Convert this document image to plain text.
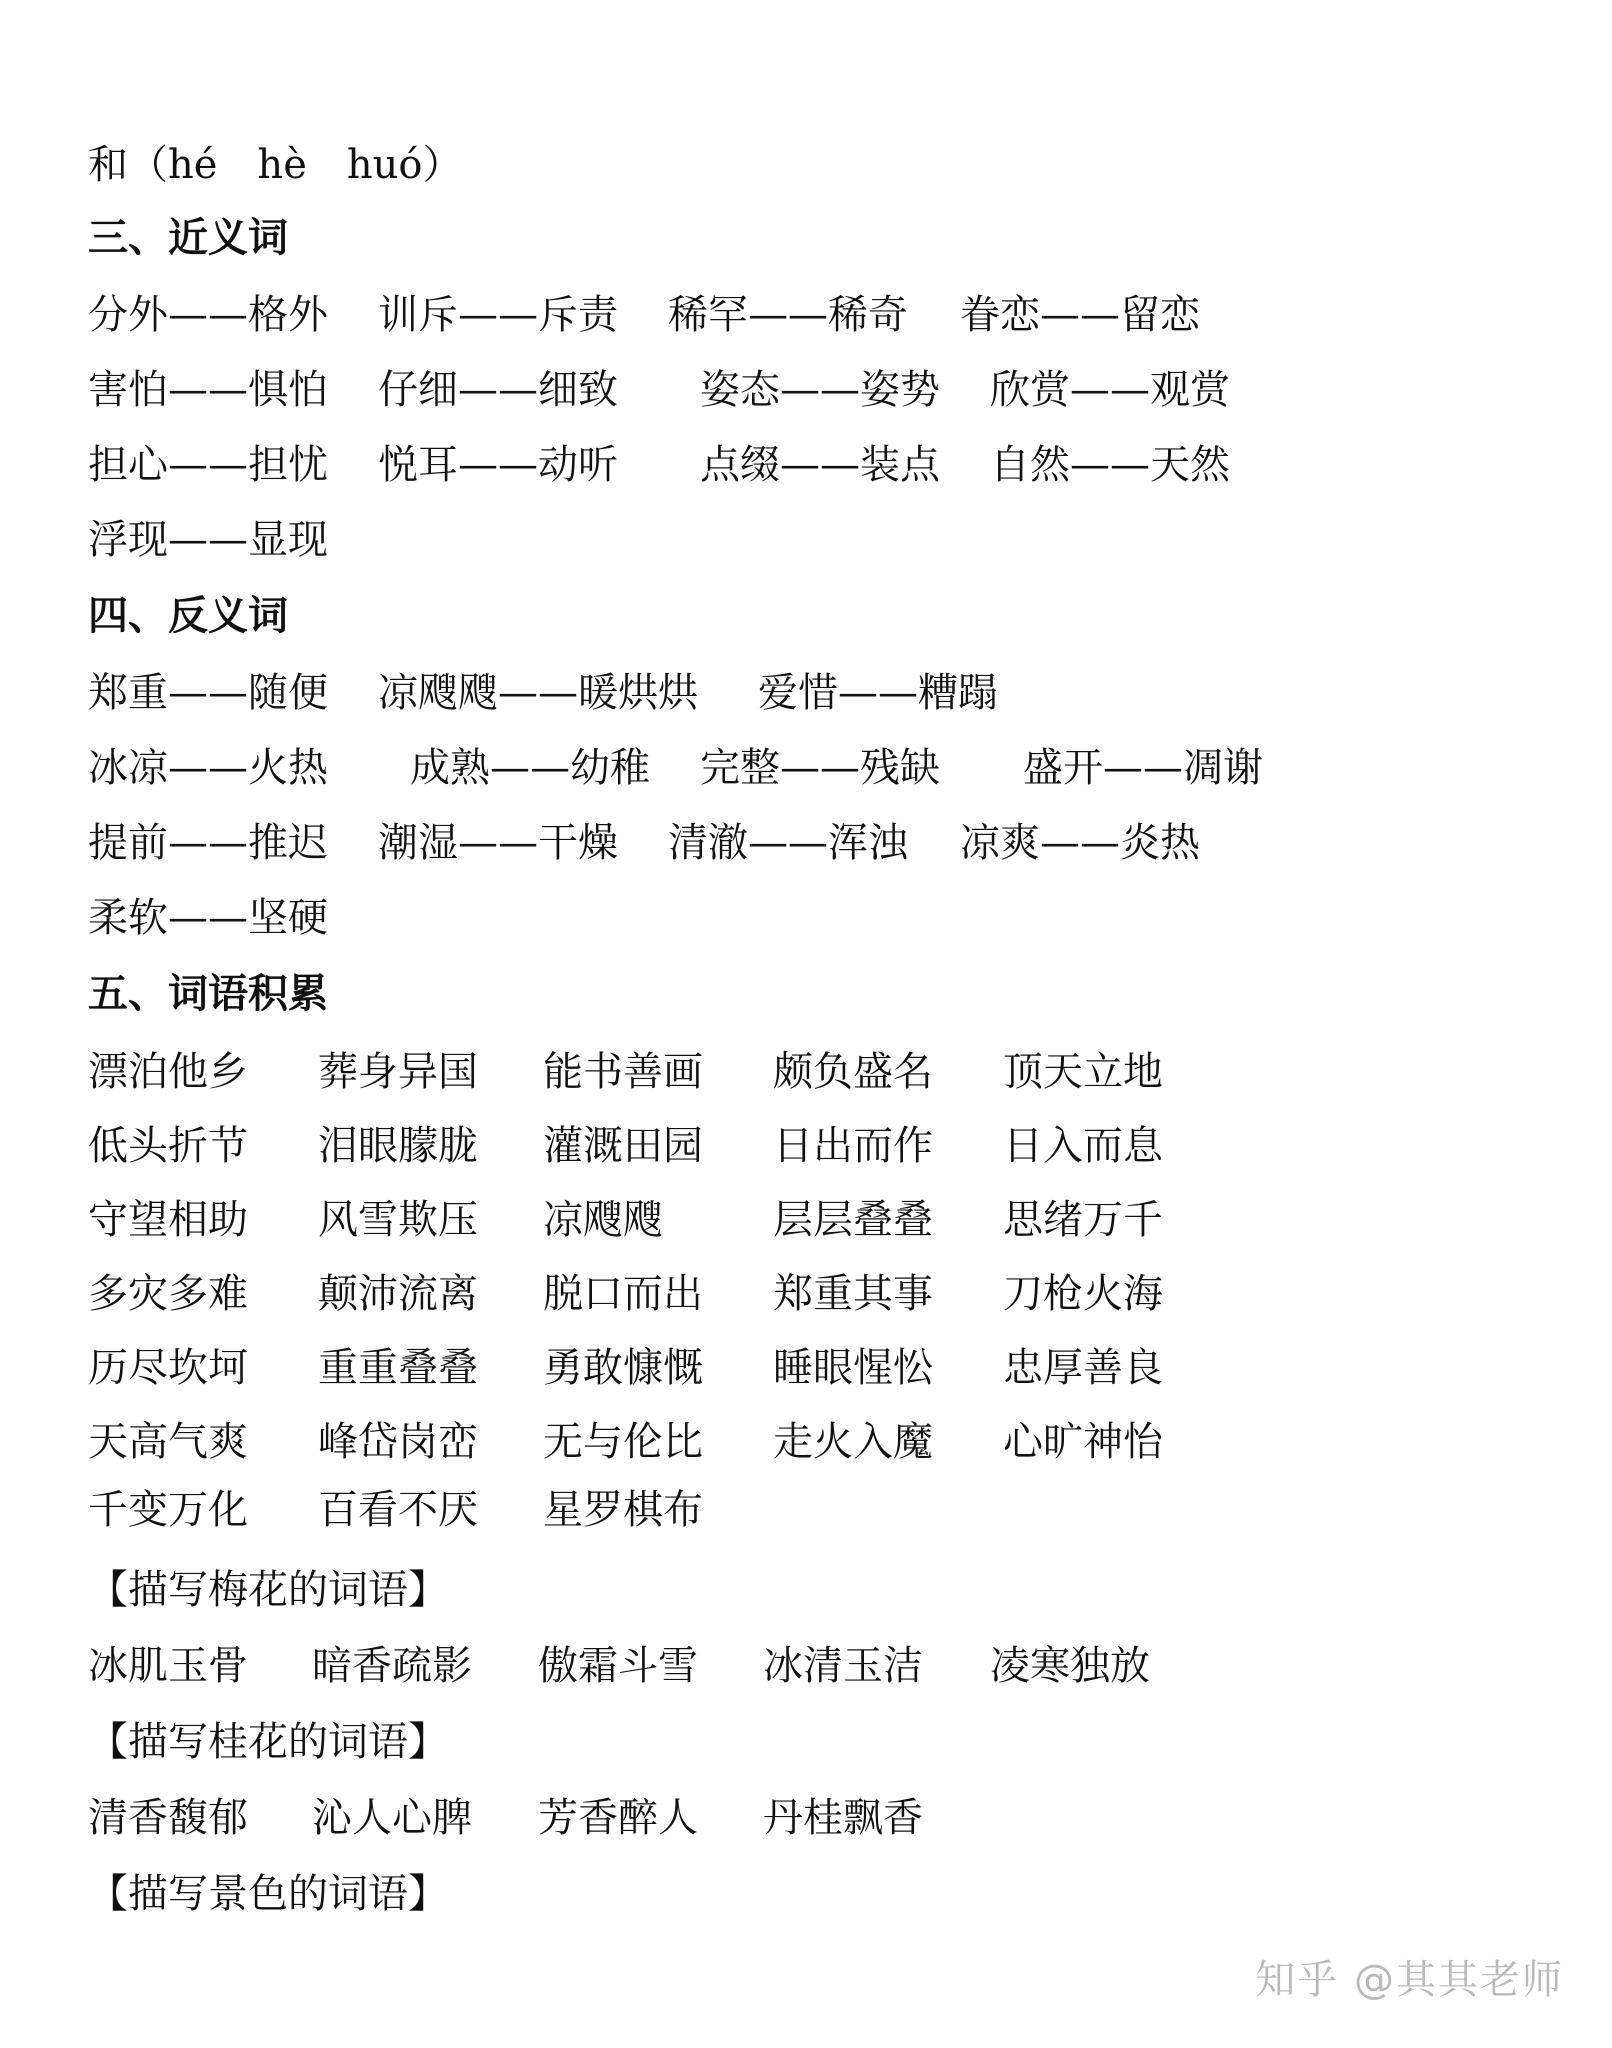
和（hé　hè　huó）
三、近义词
分外——格外 训斥——斥责 稀罕——稀奇 眷恋——留恋
害怕——惧怕 仔细——细致 姿态——姿势 欣赏——观赏
担心——担忧 悦耳——动听 点缀——装点 自然——天然
浮现——显现
四、反义词
郑重——随便 凉飕飕——暖烘烘 爱惜——糟蹋
冰凉——火热 成熟——幼稚 完整——残缺 盛开——凋谢
提前——推迟 潮湿——干燥 清澈——浑浊 凉爽——炎热
柔软——坚硬
五、词语积累
漂泊他乡 葬身异国 能书善画 颇负盛名 顶天立地
低头折节 泪眼朦胧 灌溉田园 日出而作 日入而息
守望相助 风雪欺压 凉飕飕	层层叠叠 思绪万千
多灾多难 颠沛流离 脱口而出 郑重其事 刀枪火海
历尽坎坷 重重叠叠 勇敢慷慨 睡眼惺忪 忠厚善良
天高气爽 峰岱岗峦 无与伦比 走火入魔 心旷神怡
千变万化 百看不厌 星罗棋布
【描写梅花的词语】
冰肌玉骨 暗香疏影 傲霜斗雪 冰清玉洁 凌寒独放
【描写桂花的词语】
清香馥郁 沁人心脾 芳香醉人 丹桂飘香
【描写景色的词语】
知乎 @其其老师
